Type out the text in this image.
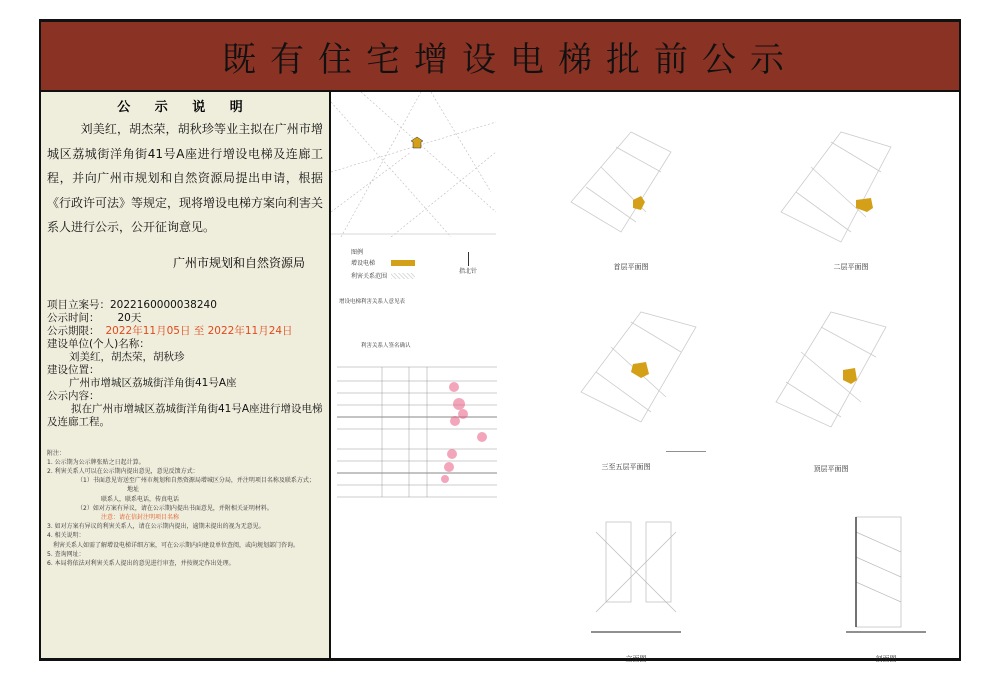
既有住宅增设电梯批前公示
公 示 说 明

刘美红，胡杰荣，胡秋珍等业主拟在广州市增城区荔城街洋角街41号A座进行增设电梯及连廊工程，并向广州市规划和自然资源局提出申请，根据《行政许可法》等规定，现将增设电梯方案向利害关系人进行公示，公开征询意见。

广州市规划和自然资源局
项目立案号： 2022160000038240
公示时间：	20天
公示期限： 2022年11月05日 至 2022年11月24日
建设单位(个人)名称：
刘美红，胡杰荣，胡秋珍
建设位置：
广州市增城区荔城街洋角街41号A座
公示内容：
拟在广州市增城区荔城街洋角街41号A座进行增设电梯及连廊工程。
附注：
1. 公示期为公示牌张贴之日起计算。
2. 利害关系人可以在公示期内提出意见，意见反馈方式：
（1）书面意见寄送至广州市规划和自然资源局增城区分局，并注明项目名称及联系方式；
地址
联系人，联系电话，传真电话
（2）如对方案有异议，请在公示期内提出书面意见，并附相关证明材料。
注意：请在信封注明项目名称
3. 如对方案有异议的利害关系人，请在公示期内提出，逾期未提出的视为无意见。
4. 相关说明：
利害关系人如需了解增设电梯详细方案，可在公示期内向建设单位查阅，或向规划部门咨询。
5. 查询网址：
6. 本局将依法对利害关系人提出的意见进行审查，并按规定作出处理。
图例
增设电梯
利害关系范围
指北针
增设电梯利害关系人意见表
利害关系人签名确认
首层平面图	二层平面图
三至五层平面图	顶层平面图
立面图	剖面图
